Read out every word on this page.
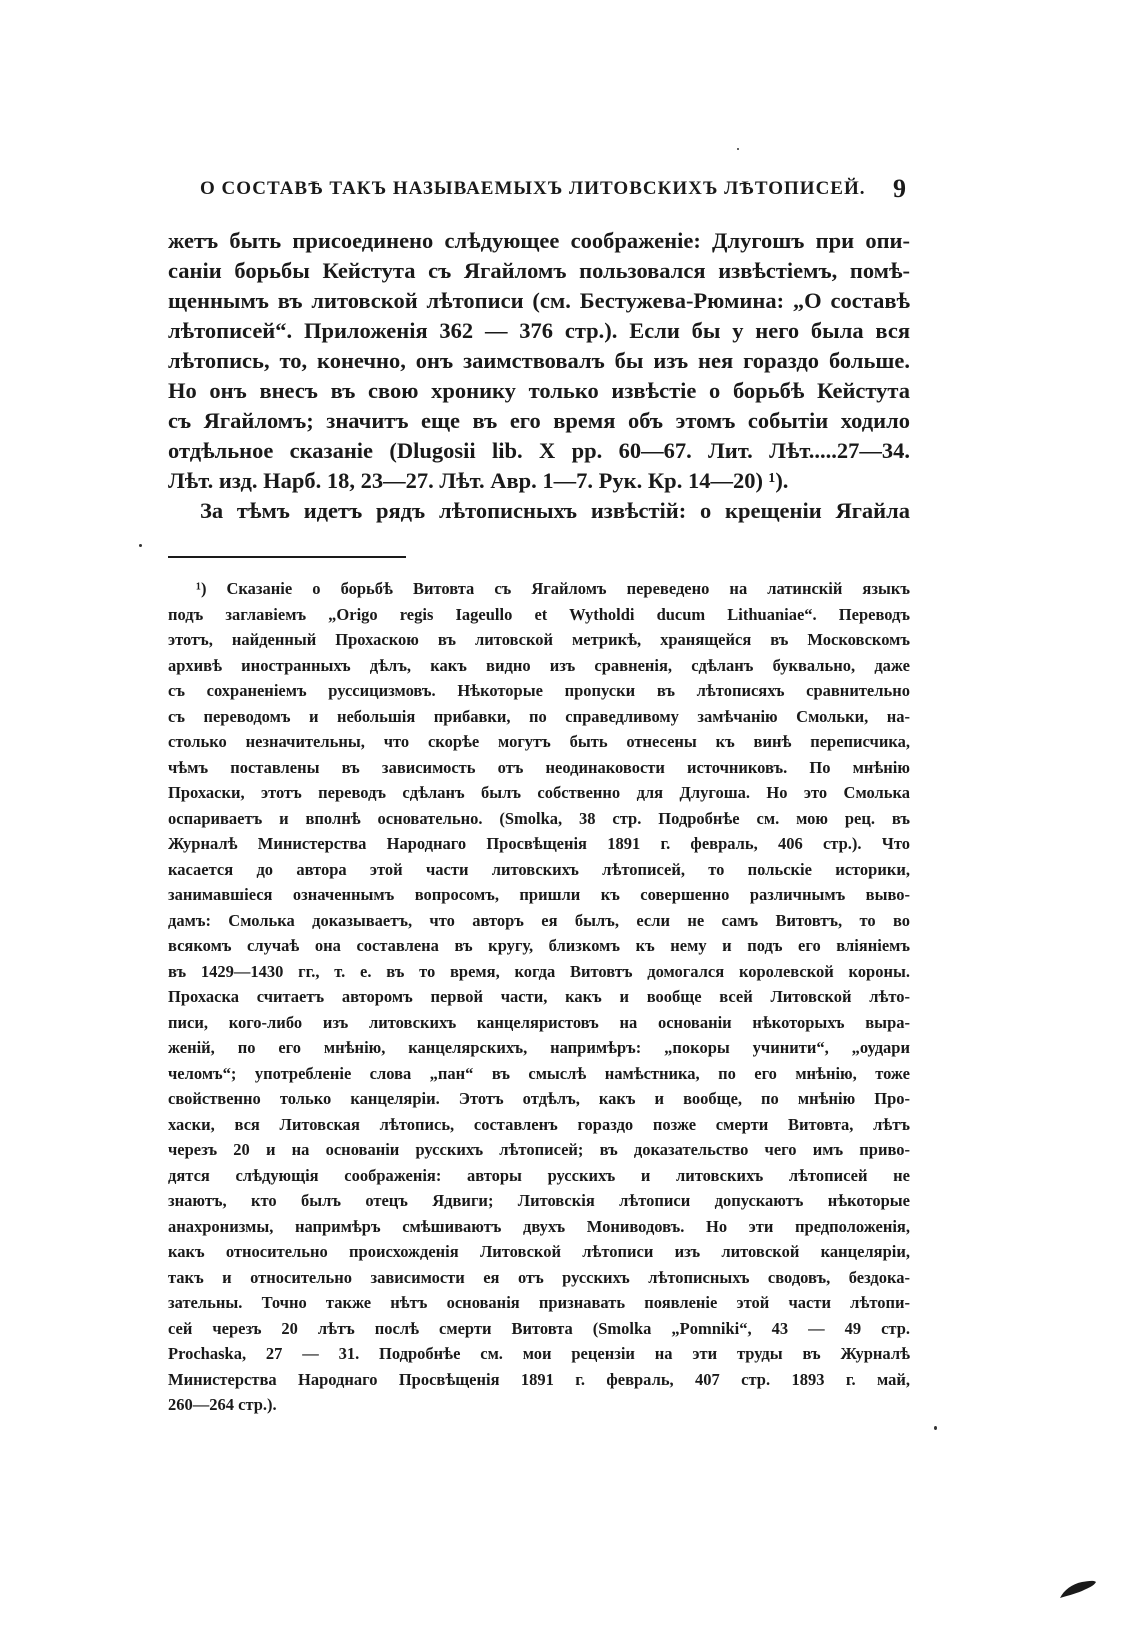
О СОСТАВѢ ТАКЪ НАЗЫВАЕМЫХЪ ЛИТОВСКИХЪ ЛѢТОПИСЕЙ.	9
жетъ быть присоединено слѣдующее соображеніе: Длугошъ при опи-
саніи борьбы Кейстута съ Ягайломъ пользовался извѣстіемъ, помѣ-
щеннымъ въ литовской лѣтописи (см. Бестужева-Рюмина: „О составѣ
лѣтописей“. Приложенія 362 — 376 стр.). Если бы у него была вся
лѣтопись, то, конечно, онъ заимствовалъ бы изъ нея гораздо больше.
Но онъ внесъ въ свою хронику только извѣстіе о борьбѣ Кейстута
съ Ягайломъ; значитъ еще въ его время объ этомъ событіи ходило
отдѣльное сказаніе (Dlugosii lib. X pp. 60—67. Лит. Лѣт.....27—34.
Лѣт. изд. Нарб. 18, 23—27. Лѣт. Авр. 1—7. Рук. Кр. 14—20) ¹).
За тѣмъ идетъ рядъ лѣтописныхъ извѣстій: о крещеніи Ягайла
¹) Сказаніе о борьбѣ Витовта съ Ягайломъ переведено на латинскій языкъ
подъ заглавіемъ „Origo regis Iageullo et Wytholdi ducum Lithuaniae“. Переводъ
этотъ, найденный Прохаскою въ литовской метрикѣ, хранящейся въ Московскомъ
архивѣ иностранныхъ дѣлъ, какъ видно изъ сравненія, сдѣланъ буквально, даже
съ сохраненіемъ руссицизмовъ. Нѣкоторые пропуски въ лѣтописяхъ сравнительно
съ переводомъ и небольшія прибавки, по справедливому замѣчанію Смольки, на-
столько незначительны, что скорѣе могутъ быть отнесены къ винѣ переписчика,
чѣмъ поставлены въ зависимость отъ неодинаковости источниковъ. По мнѣнію
Прохаски, этотъ переводъ сдѣланъ былъ собственно для Длугоша. Но это Смолька
оспариваетъ и вполнѣ основательно. (Smolka, 38 стр. Подробнѣе см. мою рец. въ
Журналѣ Министерства Народнаго Просвѣщенія 1891 г. февраль, 406 стр.). Что
касается до автора этой части литовскихъ лѣтописей, то польскіе историки,
занимавшіеся означеннымъ вопросомъ, пришли къ совершенно различнымъ выво-
дамъ: Смолька доказываетъ, что авторъ ея былъ, если не самъ Витовтъ, то во
всякомъ случаѣ она составлена въ кругу, близкомъ къ нему и подъ его вліяніемъ
въ 1429—1430 гг., т. е. въ то время, когда Витовтъ домогался королевской короны.
Прохаска считаетъ авторомъ первой части, какъ и вообще всей Литовской лѣто-
писи, кого-либо изъ литовскихъ канцеляристовъ на основаніи нѣкоторыхъ выра-
женій, по его мнѣнію, канцелярскихъ, напримѣръ: „покоры учинити“, „оудари
челомъ“; употребленіе слова „пан“ въ смыслѣ намѣстника, по его мнѣнію, тоже
свойственно только канцеляріи. Этотъ отдѣлъ, какъ и вообще, по мнѣнію Про-
хаски, вся Литовская лѣтопись, составленъ гораздо позже смерти Витовта, лѣтъ
черезъ 20 и на основаніи русскихъ лѣтописей; въ доказательство чего имъ приво-
дятся слѣдующія соображенія: авторы русскихъ и литовскихъ лѣтописей не
знаютъ, кто былъ отецъ Ядвиги; Литовскія лѣтописи допускаютъ нѣкоторые
анахронизмы, напримѣръ смѣшиваютъ двухъ Мониводовъ. Но эти предположенія,
какъ относительно происхожденія Литовской лѣтописи изъ литовской канцеляріи,
такъ и относительно зависимости ея отъ русскихъ лѣтописныхъ сводовъ, бездока-
зательны. Точно также нѣтъ основанія признавать появленіе этой части лѣтопи-
сей черезъ 20 лѣтъ послѣ смерти Витовта (Smolka „Pomniki“, 43 — 49 стр.
Prochaska, 27 — 31. Подробнѣе см. мои рецензіи на эти труды въ Журналѣ
Министерства Народнаго Просвѣщенія 1891 г. февраль, 407 стр. 1893 г. май,
260—264 стр.).
